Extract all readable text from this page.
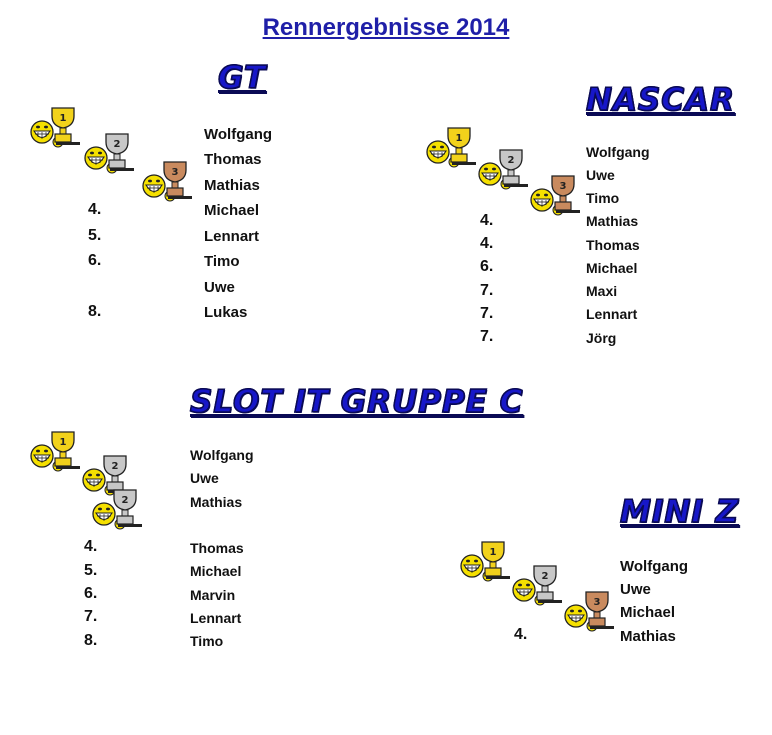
Rennergebnisse 2014
GT
1
2
3
Wolfgang
Thomas
Mathias
Michael
Lennart
Timo
Uwe
Lukas
4.
5.
6.
8.
NASCAR
1
2
3
Wolfgang
Uwe
Timo
Mathias
Thomas
Michael
Maxi
Lennart
Jörg
4.
4.
6.
7.
7.
7.
SLOT IT GRUPPE C
1
2
2
Wolfgang
Uwe
Mathias
Thomas
Michael
Marvin
Lennart
Timo
4.
5.
6.
7.
8.
MINI Z
1
2
3
Wolfgang
Uwe
Michael
Mathias
4.
